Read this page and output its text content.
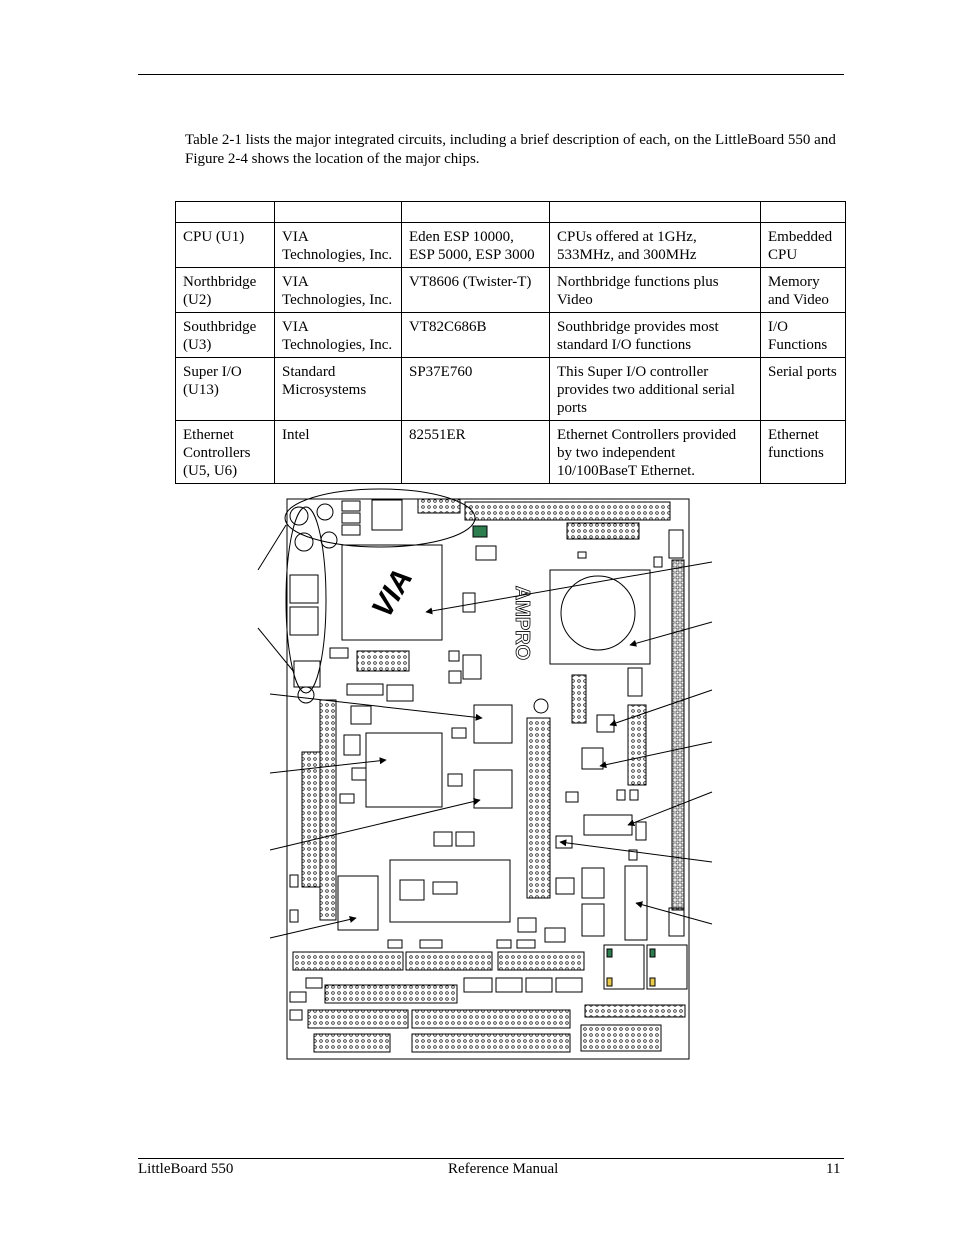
Table 2-1 lists the major integrated circuits, including a brief description of each, on the LittleBoard 550 and Figure 2-4 shows the location of the major chips.

CPU (U1)	VIA Technologies, Inc.	Eden ESP 10000, ESP 5000, ESP 3000	CPUs offered at 1GHz, 533MHz, and 300MHz	Embedded CPU
Northbridge (U2)	VIA Technologies, Inc.	VT8606 (Twister-T)	Northbridge functions plus Video	Memory and Video
Southbridge (U3)	VIA Technologies, Inc.	VT82C686B	Southbridge provides most standard I/O functions	I/O Functions
Super I/O (U13)	Standard Microsystems	SP37E760	This Super I/O controller provides two additional serial ports	Serial ports
Ethernet Controllers (U5, U6)	Intel	82551ER	Ethernet Controllers provided by two independent 10/100BaseT Ethernet.	Ethernet functions
VIA	AMPRO
LittleBoard 550	Reference Manual	11
